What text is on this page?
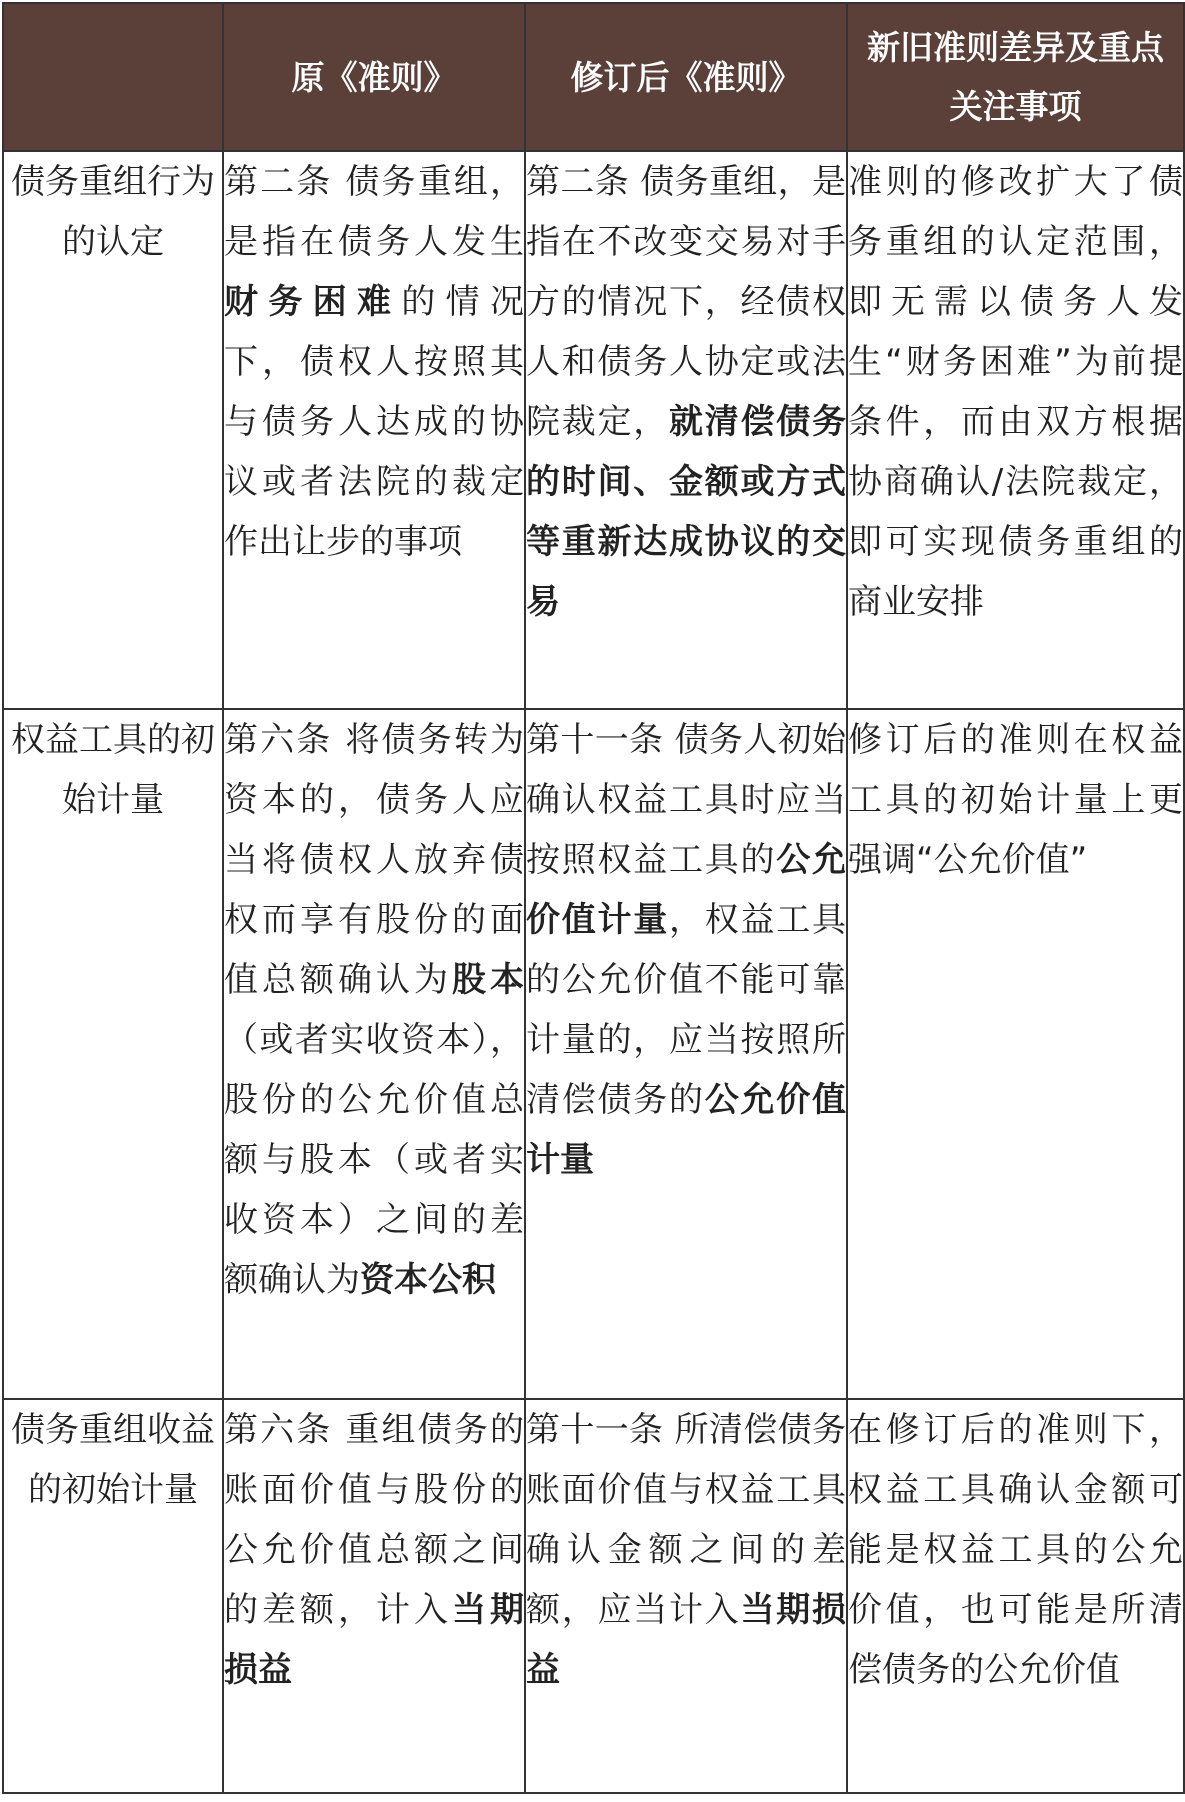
	原《准则》	修订后《准则》	新旧准则差异及重点关注事项

债务重组行为的认定	第二条 债务重组，是指在债务人发生财务困难的情况下，债权人按照其与债务人达成的协议或者法院的裁定作出让步的事项	第二条 债务重组，是指在不改变交易对手方的情况下，经债权人和债务人协定或法院裁定，就清偿债务的时间、金额或方式等重新达成协议的交易	准则的修改扩大了债务重组的认定范围，即无需以债务人发生“财务困难”为前提条件，而由双方根据协商确认/法院裁定，即可实现债务重组的商业安排
权益工具的初始计量	第六条 将债务转为资本的，债务人应当将债权人放弃债权而享有股份的面值总额确认为股本（或者实收资本），股份的公允价值总额与股本（或者实收资本）之间的差额确认为资本公积	第十一条 债务人初始确认权益工具时应当按照权益工具的公允价值计量，权益工具的公允价值不能可靠计量的，应当按照所清偿债务的公允价值计量	修订后的准则在权益工具的初始计量上更强调“公允价值”
债务重组收益的初始计量	第六条 重组债务的账面价值与股份的公允价值总额之间的差额，计入当期损益	第十一条 所清偿债务账面价值与权益工具确认金额之间的差额，应当计入当期损益	在修订后的准则下，权益工具确认金额可能是权益工具的公允价值，也可能是所清偿债务的公允价值
